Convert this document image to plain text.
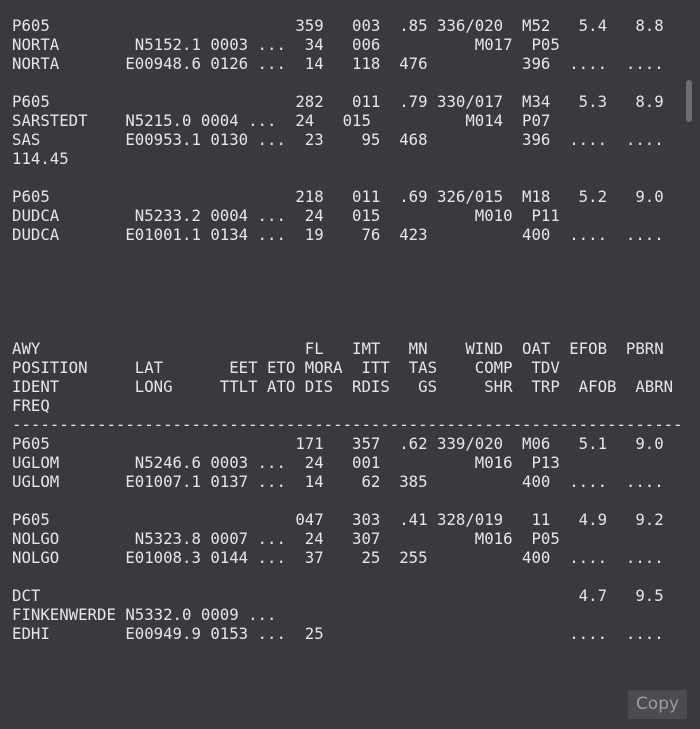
P605                          359   003  .85 336/020  M52   5.4   8.8
NORTA        N5152.1 0003 ...  34   006          M017  P05
NORTA       E00948.6 0126 ...  14   118  476          396  ....  ....
P605                          282   011  .79 330/017  M34   5.3   8.9
SARSTEDT    N5215.0 0004 ...  24   015          M014  P07
SAS         E00953.1 0130 ...  23    95  468          396  ....  ....
114.45
P605                          218   011  .69 326/015  M18   5.2   9.0
DUDCA        N5233.2 0004 ...  24   015          M010  P11
DUDCA       E01001.1 0134 ...  19    76  423          400  ....  ....
AWY                            FL   IMT   MN    WIND  OAT  EFOB  PBRN
POSITION     LAT       EET ETO MORA  ITT  TAS    COMP  TDV
IDENT        LONG     TTLT ATO DIS  RDIS   GS     SHR  TRP  AFOB  ABRN
FREQ
-----------------------------------------------------------------------
P605                          171   357  .62 339/020  M06   5.1   9.0
UGLOM        N5246.6 0003 ...  24   001          M016  P13
UGLOM       E01007.1 0137 ...  14    62  385          400  ....  ....
P605                          047   303  .41 328/019   11   4.9   9.2
NOLGO        N5323.8 0007 ...  24   307          M016  P05
NOLGO       E01008.3 0144 ...  37    25  255          400  ....  ....
DCT                                                         4.7   9.5
FINKENWERDE N5332.0 0009 ...
EDHI        E00949.9 0153 ...  25                          ....  ....
Copy
